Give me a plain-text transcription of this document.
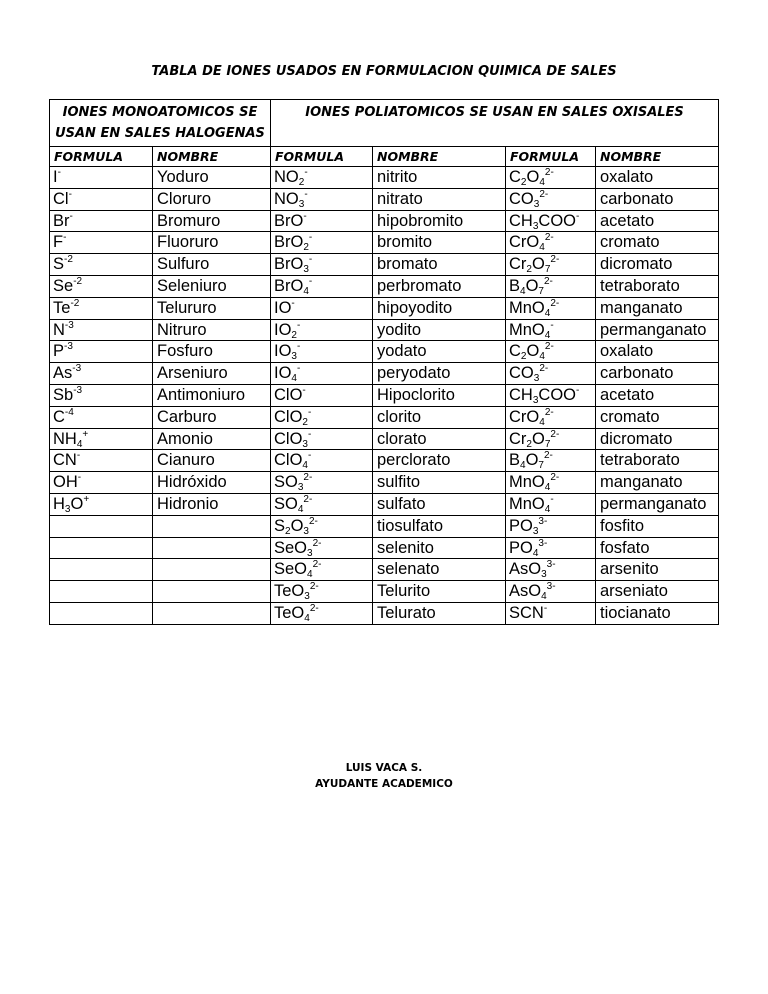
TABLA DE IONES USADOS EN FORMULACION QUIMICA DE SALES
IONES MONOATOMICOS SE USAN EN SALES HALOGENAS		IONES POLIATOMICOS SE USAN EN SALES OXISALES			
FORMULA	NOMBRE	FORMULA	NOMBRE	FORMULA	NOMBRE
I-	Yoduro	$NO_2^-$	nitrito	$C_2O_4^{2-}$	oxalato
Cl-	Cloruro	$NO_3^-$	nitrato	$CO_3^{2-}$	carbonato
Br-	Bromuro	BrO-	hipobromito	$CH_3COO^-$	acetato
F-	Fluoruro	BrO$_2$-	bromito	CrO$_4^{2-}$	cromato
$S^{-2}$	Sulfuro	BrO$_3$-	bromato	$Cr_2O_7^{2-}$	dicromato
$Se^{-2}$	Seleniuro	BrO$_4$-	perbromato	$B_4O_7^{2-}$	tetraborato
$Te^{-2}$	Telururo	IO-	hipoyodito	MnO$_4^{2-}$	manganato
$N^{-3}$	Nitruro	$IO_2^-$	yodito	MnO$_4$-	permanganato
$P^{-3}$	Fosfuro	$IO_3^-$	yodato	$C_2O_4^{2-}$	oxalato
$As^{-3}$	Arseniuro	$IO_4^-$	peryodato	$CO_3^{2-}$	carbonato
$Sb^{-3}$	Antimoniuro	ClO-	Hipoclorito	$CH_3COO^-$	acetato
$C^{-4}$	Carburo	ClO$_2$-	clorito	CrO$_4^{2-}$	cromato
$NH_4^+$	Amonio	ClO$_3$-	clorato	$Cr_2O_7^{2-}$	dicromato
CN-	Cianuro	ClO$_4$-	perclorato	$B_4O_7^{2-}$	tetraborato
OH-	Hidróxido	$SO_3^{2-}$	sulfito	MnO$_4^{2-}$	manganato
$H_3O^+$	Hidronio	$SO_4^{2-}$	sulfato	MnO$_4$-	permanganato
		$S_2O_3^{2-}$	tiosulfato	$PO_3^{3-}$	fosfito
		SeO$_3^{2-}$	selenito	$PO_4^{3-}$	fosfato
		SeO$_4^{2-}$	selenato	AsO$_3^{3-}$	arsenito
		TeO$_3^{2-}$	Telurito	AsO$_4^{3-}$	arseniato
		TeO$_4^{2-}$	Telurato	SCN-	tiocianato
LUIS VACA S.
AYUDANTE ACADEMICO
